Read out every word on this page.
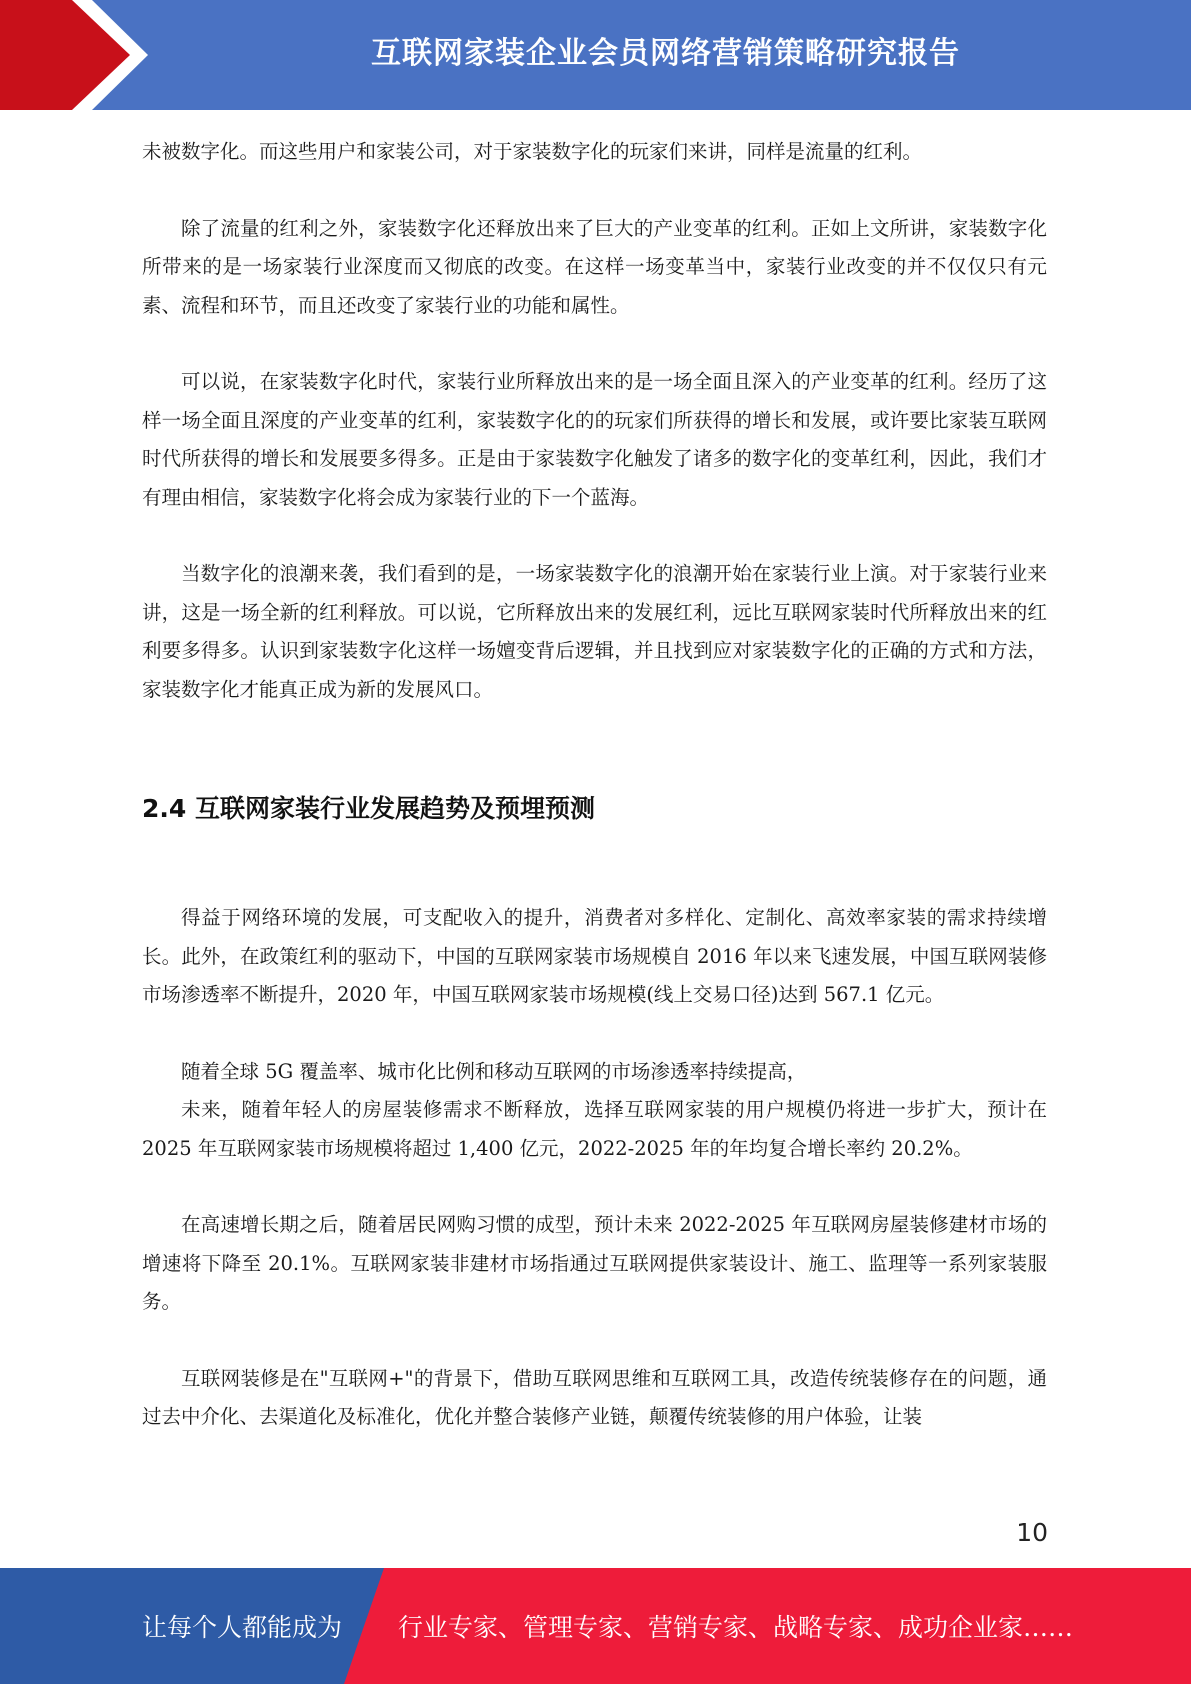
互联网家装企业会员网络营销策略研究报告

未被数字化。而这些用户和家装公司，对于家装数字化的玩家们来讲，同样是流量的红利。

除了流量的红利之外，家装数字化还释放出来了巨大的产业变革的红利。正如上文所讲，家装数字化所带来的是一场家装行业深度而又彻底的改变。在这样一场变革当中，家装行业改变的并不仅仅只有元素、流程和环节，而且还改变了家装行业的功能和属性。

可以说，在家装数字化时代，家装行业所释放出来的是一场全面且深入的产业变革的红利。经历了这样一场全面且深度的产业变革的红利，家装数字化的的玩家们所获得的增长和发展，或许要比家装互联网时代所获得的增长和发展要多得多。正是由于家装数字化触发了诸多的数字化的变革红利，因此，我们才有理由相信，家装数字化将会成为家装行业的下一个蓝海。

当数字化的浪潮来袭，我们看到的是，一场家装数字化的浪潮开始在家装行业上演。对于家装行业来讲，这是一场全新的红利释放。可以说，它所释放出来的发展红利，远比互联网家装时代所释放出来的红利要多得多。认识到家装数字化这样一场嬗变背后逻辑，并且找到应对家装数字化的正确的方式和方法，家装数字化才能真正成为新的发展风口。

2.4 互联网家装行业发展趋势及预埋预测

得益于网络环境的发展，可支配收入的提升，消费者对多样化、定制化、高效率家装的需求持续增长。此外，在政策红利的驱动下，中国的互联网家装市场规模自 2016 年以来飞速发展，中国互联网装修市场渗透率不断提升，2020 年，中国互联网家装市场规模(线上交易口径)达到 567.1 亿元。

随着全球 5G 覆盖率、城市化比例和移动互联网的市场渗透率持续提高，

未来，随着年轻人的房屋装修需求不断释放，选择互联网家装的用户规模仍将进一步扩大，预计在 2025 年互联网家装市场规模将超过 1,400 亿元，2022-2025 年的年均复合增长率约 20.2%。

在高速增长期之后，随着居民网购习惯的成型，预计未来 2022-2025 年互联网房屋装修建材市场的增速将下降至 20.1%。互联网家装非建材市场指通过互联网提供家装设计、施工、监理等一系列家装服务。

互联网装修是在"互联网+"的背景下，借助互联网思维和互联网工具，改造传统装修存在的问题，通过去中介化、去渠道化及标准化，优化并整合装修产业链，颠覆传统装修的用户体验，让装

10
让每个人都能成为 行业专家、管理专家、营销专家、战略专家、成功企业家……
